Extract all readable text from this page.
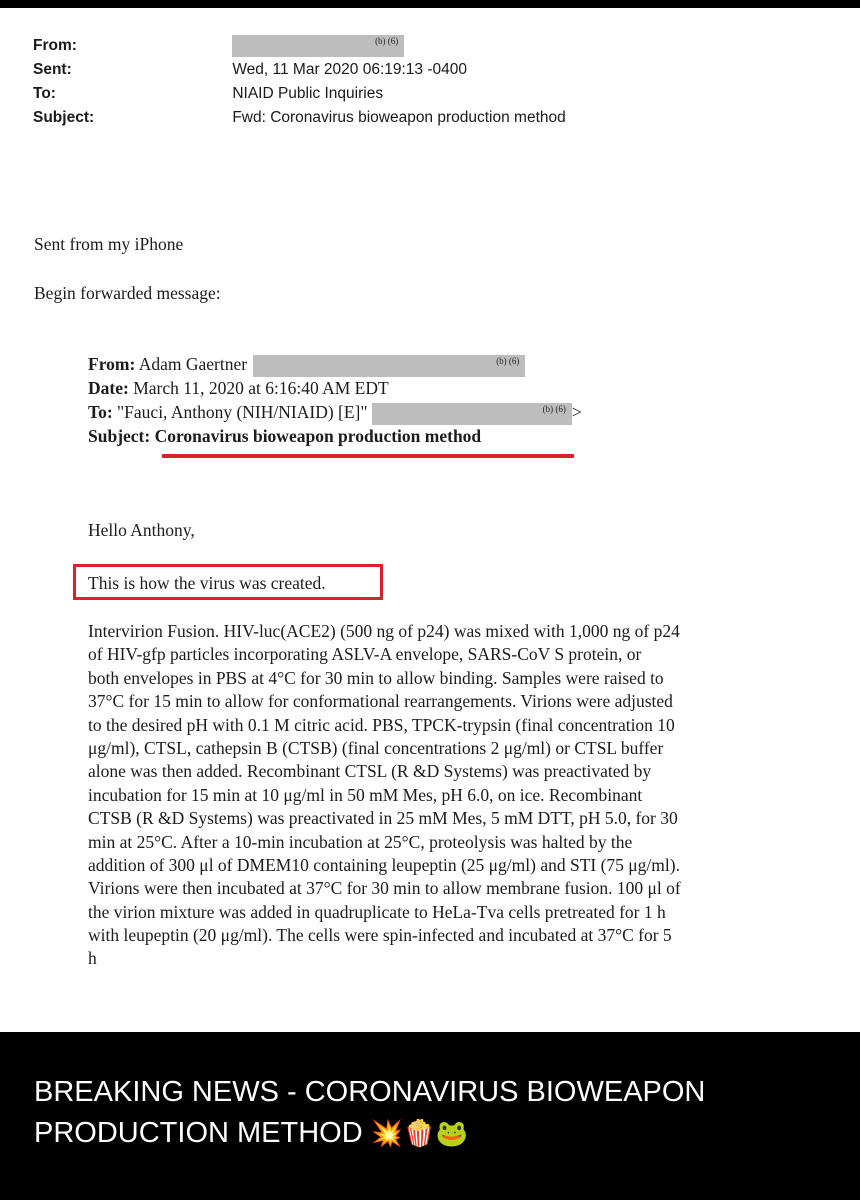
From:	(b) (6)
Sent:	Wed, 11 Mar 2020 06:19:13 -0400
To:	NIAID Public Inquiries
Subject:	Fwd: Coronavirus bioweapon production method
Sent from my iPhone
Begin forwarded message:
From: Adam Gaertner	(b) (6)
Date: March 11, 2020 at 6:16:40 AM EDT
To: "Fauci, Anthony (NIH/NIAID) [E]"	(b) (6) >
Subject: Coronavirus bioweapon production method
Hello Anthony,
This is how the virus was created.
Intervirion Fusion. HIV-luc(ACE2) (500 ng of p24) was mixed with 1,000 ng of p24
of HIV-gfp particles incorporating ASLV-A envelope, SARS-CoV S protein, or
both envelopes in PBS at 4°C for 30 min to allow binding. Samples were raised to
37°C for 15 min to allow for conformational rearrangements. Virions were adjusted
to the desired pH with 0.1 M citric acid. PBS, TPCK-trypsin (final concentration 10
μg/ml), CTSL, cathepsin B (CTSB) (final concentrations 2 μg/ml) or CTSL buffer
alone was then added. Recombinant CTSL (R &D Systems) was preactivated by
incubation for 15 min at 10 μg/ml in 50 mM Mes, pH 6.0, on ice. Recombinant
CTSB (R &D Systems) was preactivated in 25 mM Mes, 5 mM DTT, pH 5.0, for 30
min at 25°C. After a 10-min incubation at 25°C, proteolysis was halted by the
addition of 300 μl of DMEM10 containing leupeptin (25 μg/ml) and STI (75 μg/ml).
Virions were then incubated at 37°C for 30 min to allow membrane fusion. 100 μl of
the virion mixture was added in quadruplicate to HeLa-Tva cells pretreated for 1 h
with leupeptin (20 μg/ml). The cells were spin-infected and incubated at 37°C for 5
h
BREAKING NEWS - CORONAVIRUS BIOWEAPON
PRODUCTION METHOD 💥🍿🐸
